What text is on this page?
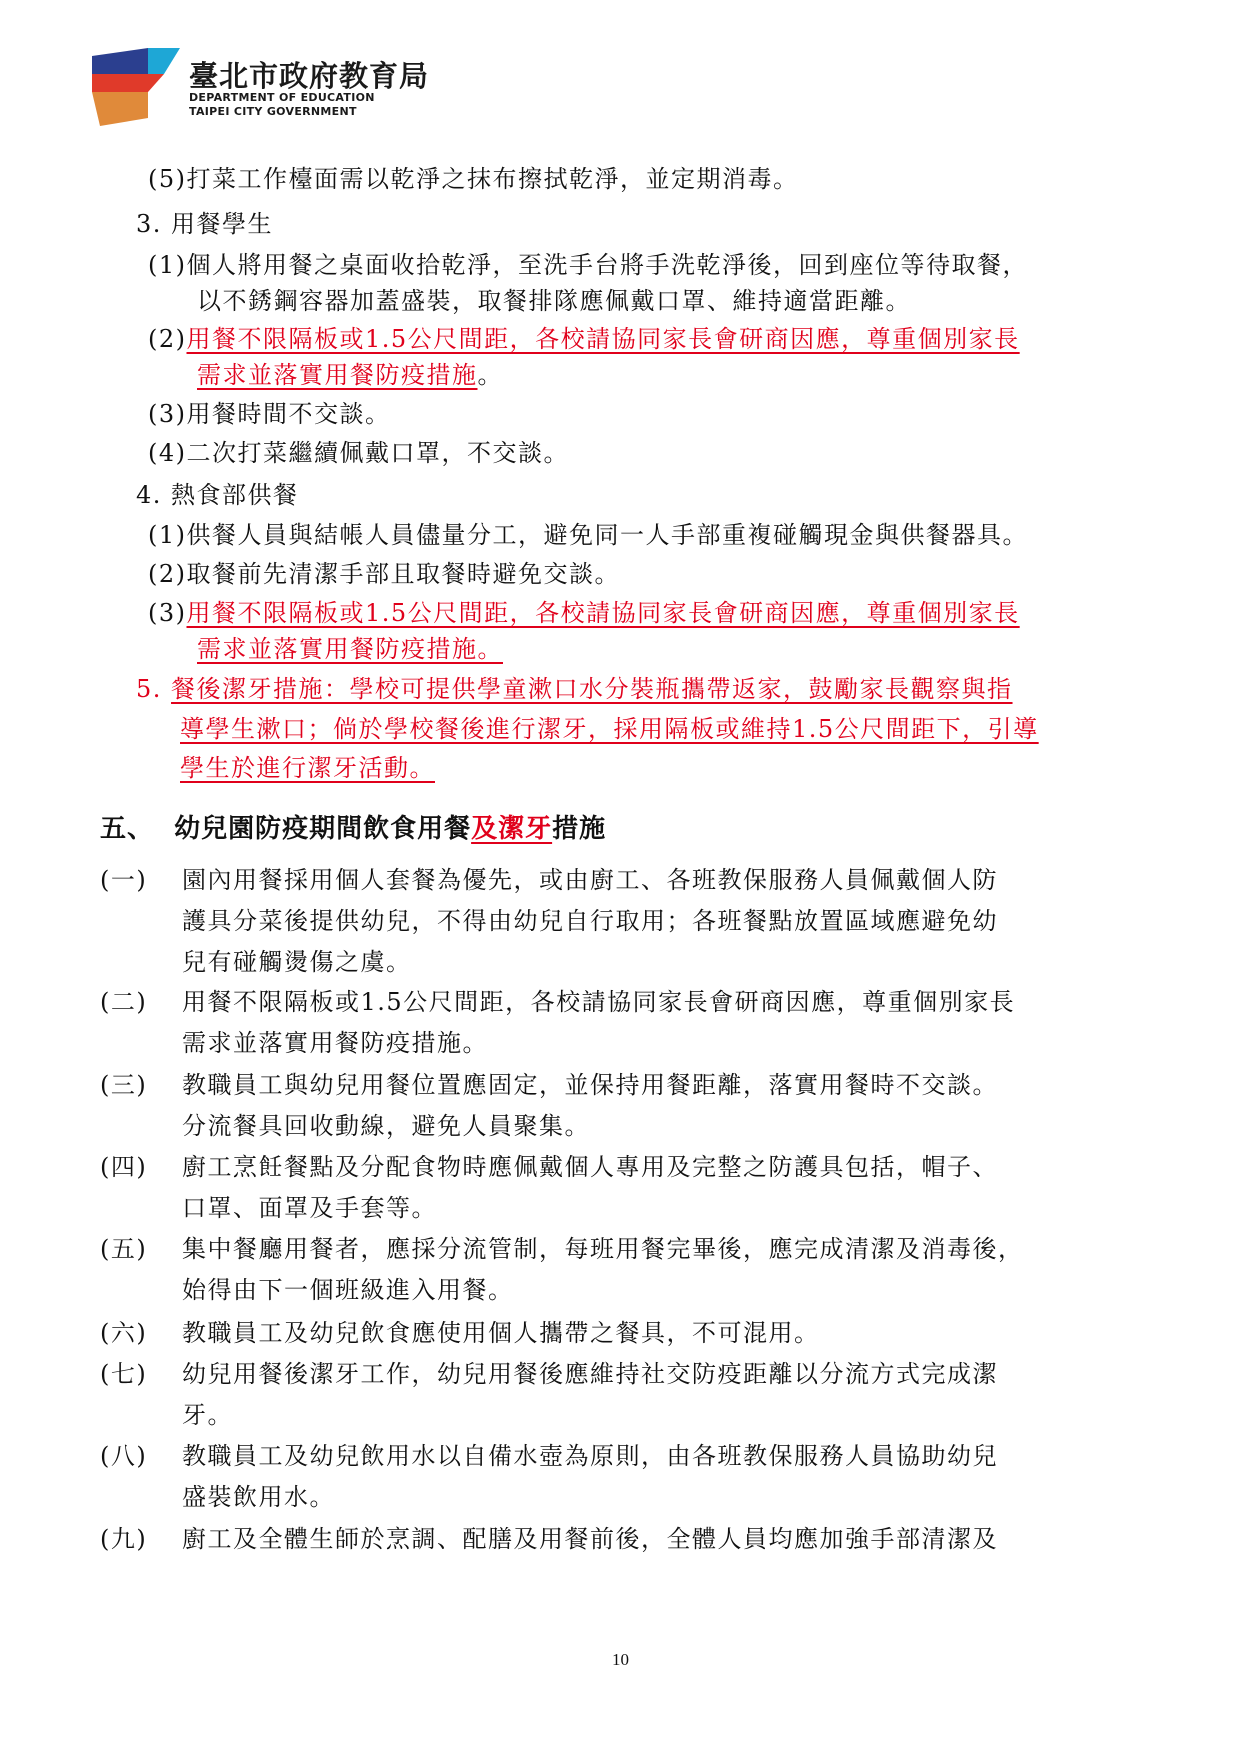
臺北市政府教育局
DEPARTMENT OF EDUCATION
TAIPEI CITY GOVERNMENT
(5)打菜工作檯面需以乾淨之抹布擦拭乾淨，並定期消毒。
3. 用餐學生
(1)個人將用餐之桌面收拾乾淨，至洗手台將手洗乾淨後，回到座位等待取餐，
以不銹鋼容器加蓋盛裝，取餐排隊應佩戴口罩、維持適當距離。
(2)用餐不限隔板或1.5公尺間距，各校請協同家長會研商因應，尊重個別家長
需求並落實用餐防疫措施。
(3)用餐時間不交談。
(4)二次打菜繼續佩戴口罩，不交談。
4. 熱食部供餐
(1)供餐人員與結帳人員儘量分工，避免同一人手部重複碰觸現金與供餐器具。
(2)取餐前先清潔手部且取餐時避免交談。
(3)用餐不限隔板或1.5公尺間距，各校請協同家長會研商因應，尊重個別家長
需求並落實用餐防疫措施。
5. 餐後潔牙措施：學校可提供學童漱口水分裝瓶攜帶返家，鼓勵家長觀察與指
導學生漱口；倘於學校餐後進行潔牙，採用隔板或維持1.5公尺間距下，引導
學生於進行潔牙活動。
五、 幼兒園防疫期間飲食用餐及潔牙措施
(一) 園內用餐採用個人套餐為優先，或由廚工、各班教保服務人員佩戴個人防
護具分菜後提供幼兒，不得由幼兒自行取用；各班餐點放置區域應避免幼
兒有碰觸燙傷之虞。
(二) 用餐不限隔板或1.5公尺間距，各校請協同家長會研商因應，尊重個別家長
需求並落實用餐防疫措施。
(三) 教職員工與幼兒用餐位置應固定，並保持用餐距離，落實用餐時不交談。
分流餐具回收動線，避免人員聚集。
(四) 廚工烹飪餐點及分配食物時應佩戴個人專用及完整之防護具包括，帽子、
口罩、面罩及手套等。
(五) 集中餐廳用餐者，應採分流管制，每班用餐完畢後，應完成清潔及消毒後，
始得由下一個班級進入用餐。
(六) 教職員工及幼兒飲食應使用個人攜帶之餐具，不可混用。
(七) 幼兒用餐後潔牙工作，幼兒用餐後應維持社交防疫距離以分流方式完成潔
牙。
(八) 教職員工及幼兒飲用水以自備水壺為原則，由各班教保服務人員協助幼兒
盛裝飲用水。
(九) 廚工及全體生師於烹調、配膳及用餐前後，全體人員均應加強手部清潔及
10
